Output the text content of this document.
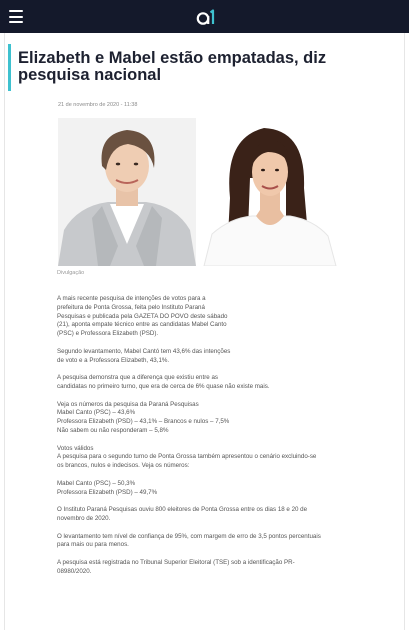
Elizabeth e Mabel estão empatadas, diz pesquisa nacional
21 de novembro de 2020 - 11:38
Divulgação

A mais recente pesquisa de intenções de votos para a
prefeitura de Ponta Grossa, feita pelo Instituto Paraná
Pesquisas e publicada pela GAZETA DO POVO deste sábado
(21), aponta empate técnico entre as candidatas Mabel Canto
(PSC) e Professora Elizabeth (PSD).

Segundo levantamento, Mabel Cantó tem 43,6% das intenções
de voto e a Professora Elizabeth, 43,1%.

A pesquisa demonstra que a diferença que existiu entre as
candidatas no primeiro turno, que era de cerca de 6% quase não existe mais.

Veja os números da pesquisa da Paraná Pesquisas
Mabel Canto (PSC) – 43,6%
Professora Elizabeth (PSD) – 43,1% – Brancos e nulos – 7,5%
Não sabem ou não responderam – 5,8%

Votos válidos
A pesquisa para o segundo turno de Ponta Grossa também apresentou o cenário excluindo-se
os brancos, nulos e indecisos. Veja os números:

Mabel Canto (PSC) – 50,3%
Professora Elizabeth (PSD) – 49,7%

O Instituto Paraná Pesquisas ouviu 800 eleitores de Ponta Grossa entre os dias 18 e 20 de
novembro de 2020.

O levantamento tem nível de confiança de 95%, com margem de erro de 3,5 pontos percentuais
para mais ou para menos.

A pesquisa está registrada no Tribunal Superior Eleitoral (TSE) sob a identificação PR-
08980/2020.
